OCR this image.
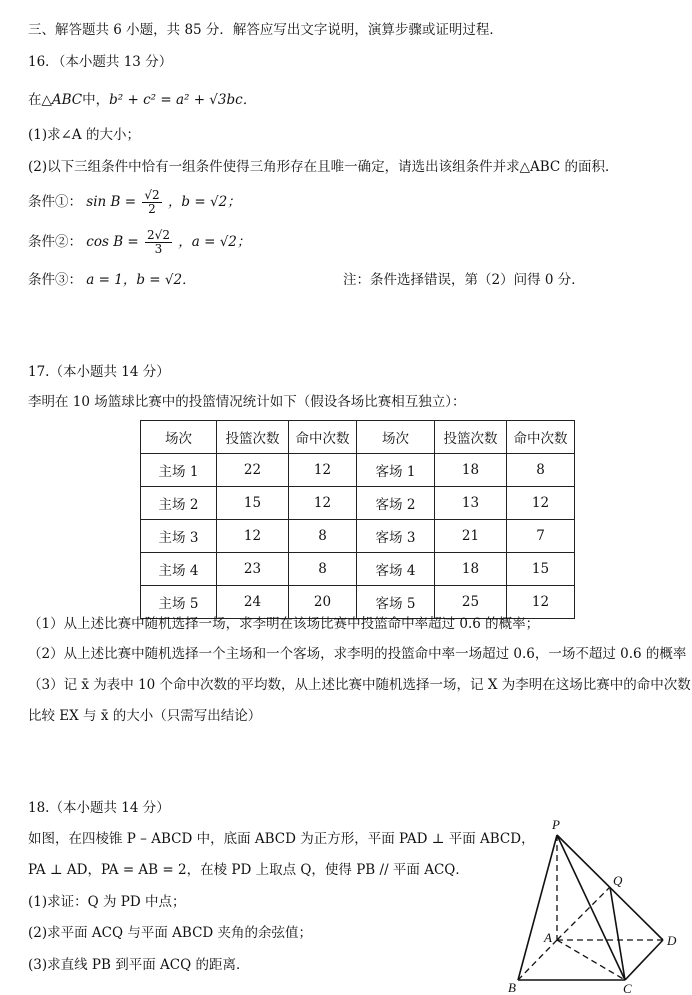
三、解答题共 6 小题，共 85 分．解答应写出文字说明，演算步骤或证明过程．
16．（本小题共 13 分）
在△ABC中，b² + c² = a² + √3bc．
(1)求∠A 的大小；
(2)以下三组条件中恰有一组条件使得三角形存在且唯一确定，请选出该组条件并求△ABC 的面积．
条件①： $\sin B = \frac{√2}{2}$ ，b = √2；
条件②： $\cos B = \frac{2√2}{3}$ ，a = √2；
条件③： a = 1，b = √2．	注：条件选择错误，第（2）问得 0 分．
17.（本小题共 14 分）
李明在 10 场篮球比赛中的投篮情况统计如下（假设各场比赛相互独立）：
场次	投篮次数	命中次数	场次	投篮次数	命中次数
主场 1	22	12	客场 1	18	8
主场 2	15	12	客场 2	13	12
主场 3	12	8	客场 3	21	7
主场 4	23	8	客场 4	18	15
主场 5	24	20	客场 5	25	12
（1）从上述比赛中随机选择一场，求李明在该场比赛中投篮命中率超过 0.6 的概率；
（2）从上述比赛中随机选择一个主场和一个客场，求李明的投篮命中率一场超过 0.6，一场不超过 0.6 的概率
（3）记 x̄ 为表中 10 个命中次数的平均数，从上述比赛中随机选择一场，记 X 为李明在这场比赛中的命中次数
比较 EX 与 x̄ 的大小（只需写出结论）
18.（本小题共 14 分）
如图，在四棱锥 P – ABCD 中，底面 ABCD 为正方形，平面 PAD ⊥ 平面 ABCD，
PA ⊥ AD，PA = AB = 2，在棱 PD 上取点 Q，使得 PB // 平面 ACQ．
(1)求证：Q 为 PD 中点；
(2)求平面 ACQ 与平面 ABCD 夹角的余弦值；
(3)求直线 PB 到平面 ACQ 的距离．
P
Q
A	D
B	C
